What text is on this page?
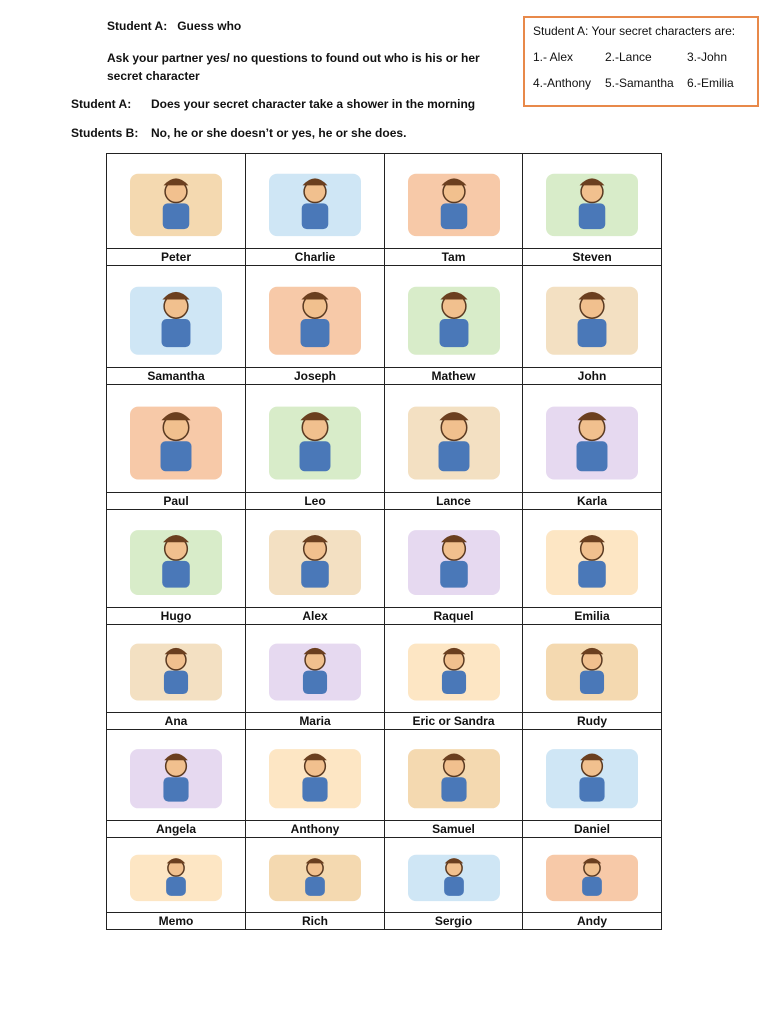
Student A: Guess who
Ask your partner yes/ no questions to found out who is his or her secret character
Student A: Does your secret character take a shower in the morning
Students B: No, he or she doesn’t or yes, he or she does.
Student A: Your secret characters are:
1.- Alex	2.-Lance	3.-John
4.-Anthony	5.-Samantha	6.-Emilia

Peter	Charlie	Tam	Steven

Samantha	Joseph	Mathew	John

Paul	Leo	Lance	Karla

Hugo	Alex	Raquel	Emilia

Ana	Maria	Eric or Sandra	Rudy

Angela	Anthony	Samuel	Daniel

Memo	Rich	Sergio	Andy
